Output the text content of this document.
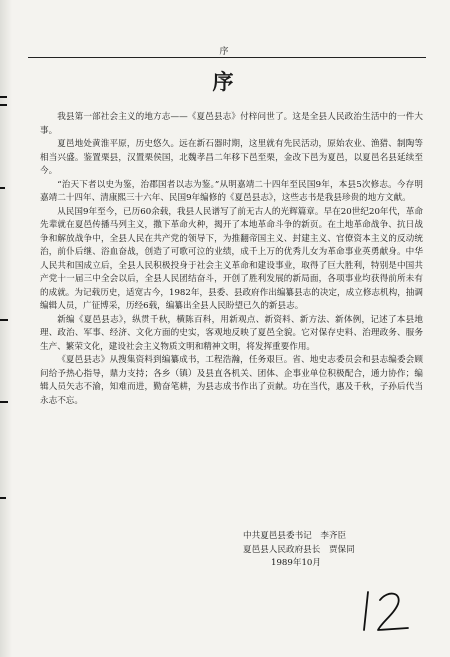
序
序

我县第一部社会主义的地方志——《夏邑县志》付梓问世了。这是全县人民政治生活中的一件大事。

夏邑地处黄淮平原，历史悠久。远在新石器时期，这里就有先民活动，原始农业、渔猎、制陶等相当兴盛。鉴置栗县，汉置栗侯国，北魏孝昌二年移下邑至栗，金改下邑为夏邑，以夏邑名县延续至今。

“治天下者以史为鉴，治郡国者以志为鉴。”从明嘉靖二十四年至民国9年，本县5次修志。今存明嘉靖二十四年、清康熙三十六年、民国9年编修的《夏邑县志》，这些志书是我县珍贵的地方文献。

从民国9年至今，已历60余载，我县人民谱写了前无古人的光辉篇章。早在20世纪20年代，革命先辈就在夏邑传播马列主义，撒下革命火种，揭开了本地革命斗争的新页。在土地革命战争、抗日战争和解放战争中，全县人民在共产党的领导下，为推翻帝国主义、封建主义、官僚资本主义的反动统治，前仆后继、浴血奋战，创造了可歌可泣的业绩，成千上万的优秀儿女为革命事业英勇献身。中华人民共和国成立后，全县人民积极投身于社会主义革命和建设事业，取得了巨大胜利，特别是中国共产党十一届三中全会以后，全县人民团结奋斗，开创了胜利发展的新局面，各项事业均获得前所未有的成就。为记载历史，适宽古今，1982年，县委、县政府作出编纂县志的决定，成立修志机构，抽调编辑人员，广征博采，历经6载，编纂出全县人民盼望已久的新县志。

新编《夏邑县志》，纵贯千秋，横陈百科，用新观点、新资料、新方法、新体例，记述了本县地理、政治、军事、经济、文化方面的史实，客观地反映了夏邑全貌。它对保存史料、治理政务、服务生产、繁荣文化，建设社会主义物质文明和精神文明，将发挥重要作用。

《夏邑县志》从搜集资料到编纂成书，工程浩瀚，任务艰巨。省、地史志委员会和县志编委会顾问给予热心指导，鼎力支持；各乡（镇）及县直各机关、团体、企事业单位积极配合，通力协作；编辑人员矢志不渝，知难而进，勤奋笔耕，为县志成书作出了贡献。功在当代，惠及千秋，子孙后代当永志不忘。

中共夏邑县委书记　李齐臣
夏邑县人民政府县长　贾保同
1989年10月
